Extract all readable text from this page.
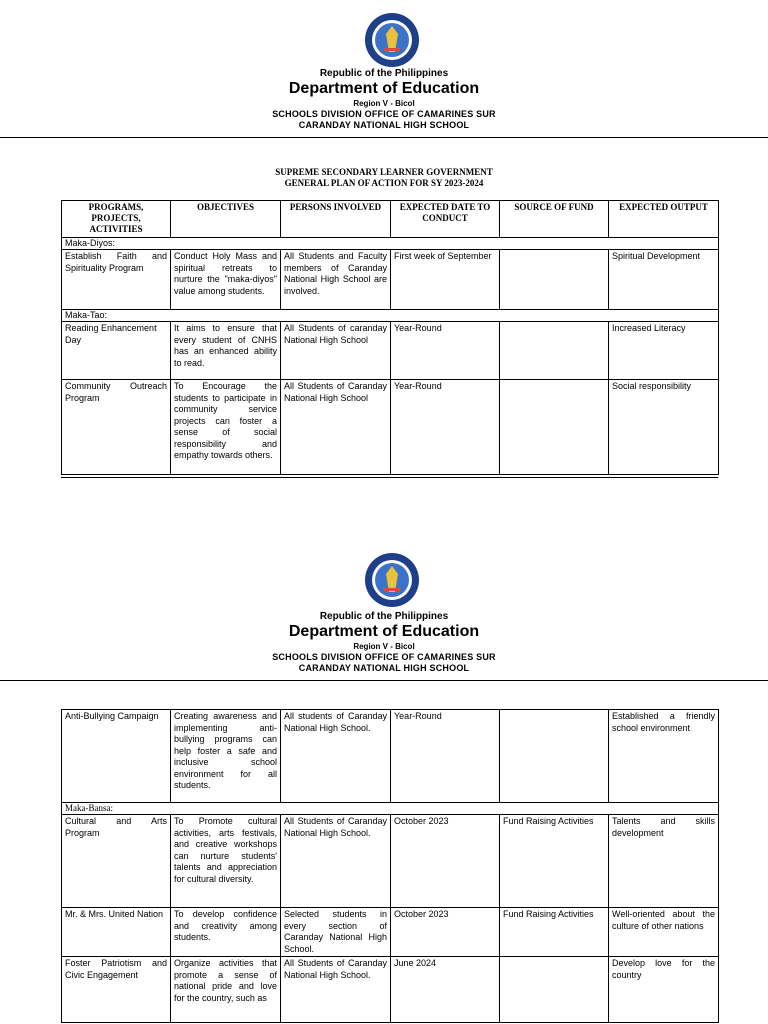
Republic of the Philippines
Department of Education
Region V - Bicol
SCHOOLS DIVISION OFFICE OF CAMARINES SUR
CARANDAY NATIONAL HIGH SCHOOL
SUPREME SECONDARY LEARNER GOVERNMENT
GENERAL PLAN OF ACTION FOR SY 2023-2024
PROGRAMS, PROJECTS, ACTIVITIES	OBJECTIVES	PERSONS INVOLVED	EXPECTED DATE TO CONDUCT	SOURCE OF FUND	EXPECTED OUTPUT
Maka-Diyos:					
Establish Faith and Spirituality Program	Conduct Holy Mass and spiritual retreats to nurture the "maka-diyos" value among students.	All Students and Faculty members of Caranday National High School are involved.	First week of September		Spiritual Development
Maka-Tao:					
Reading Enhancement Day	It aims to ensure that every student of CNHS has an enhanced ability to read.	All Students of caranday National High School	Year-Round		Increased Literacy
Community Outreach Program	To Encourage the students to participate in community service projects can foster a sense of social responsibility and empathy towards others.	All Students of Caranday National High School	Year-Round		Social responsibility
Republic of the Philippines
Department of Education
Region V - Bicol
SCHOOLS DIVISION OFFICE OF CAMARINES SUR
CARANDAY NATIONAL HIGH SCHOOL
Anti-Bullying Campaign	Creating awareness and implementing anti-bullying programs can help foster a safe and inclusive school environment for all students.	All students of Caranday National High School.	Year-Round		Established a friendly school environment
Maka-Bansa:					
Cultural and Arts Program	To Promote cultural activities, arts festivals, and creative workshops can nurture students' talents and appreciation for cultural diversity.	All Students of Caranday National High School.	October 2023	Fund Raising Activities	Talents and skills development
Mr. & Mrs. United Nation	To develop confidence and creativity among students.	Selected students in every section of Caranday National High School.	October 2023	Fund Raising Activities	Well-oriented about the culture of other nations
Foster Patriotism and Civic Engagement	Organize activities that promote a sense of national pride and love for the country, such as	All Students of Caranday National High School.	June 2024		Develop love for the country
